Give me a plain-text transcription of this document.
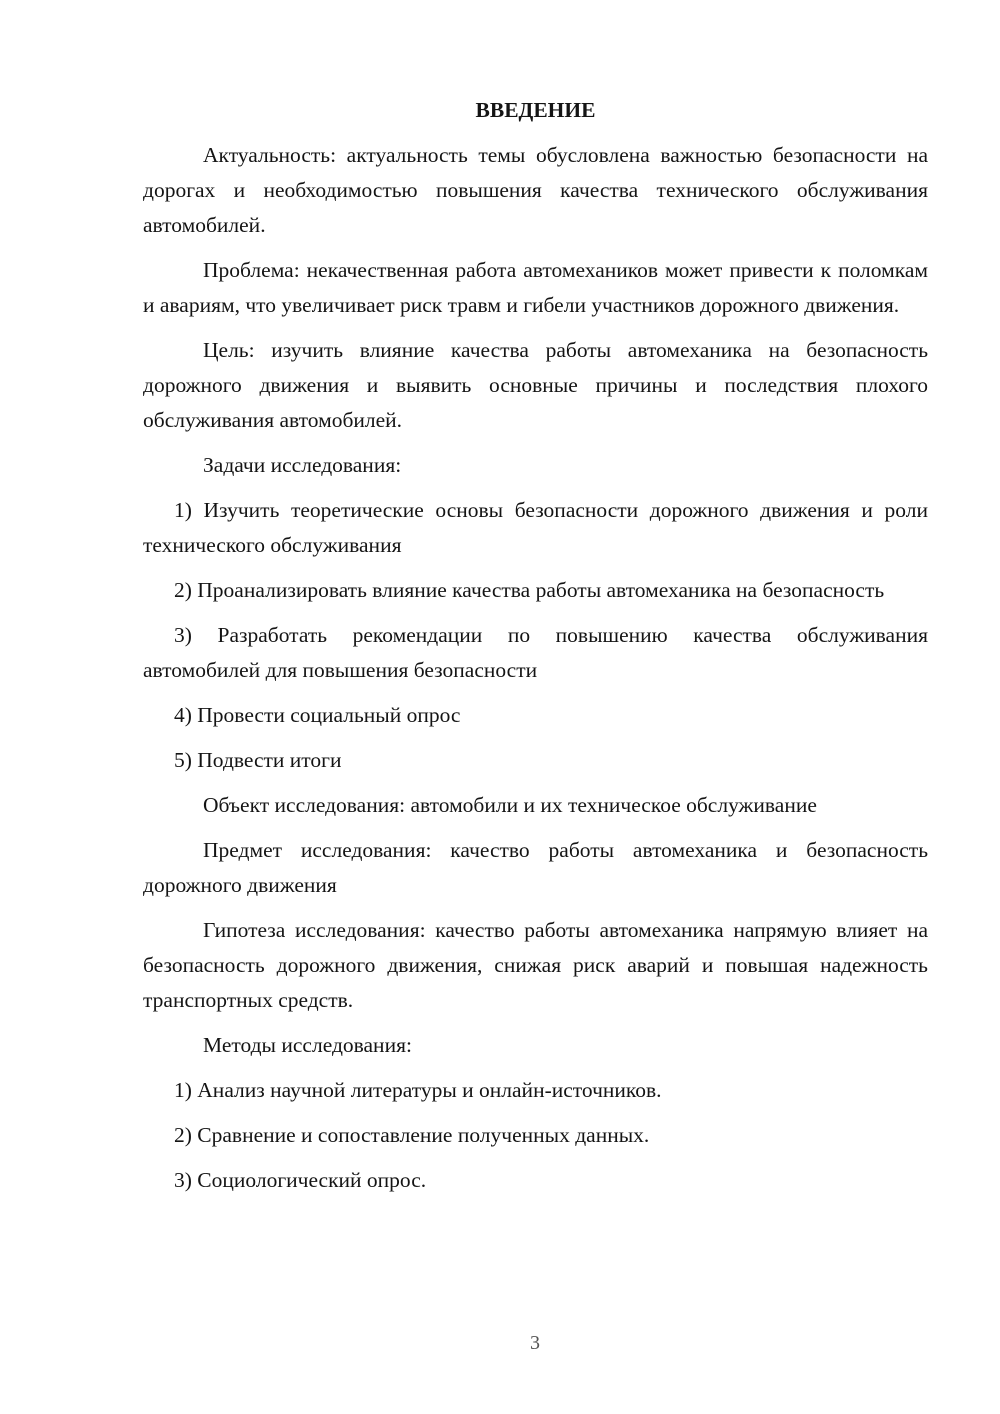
ВВЕДЕНИЕ

Актуальность: актуальность темы обусловлена важностью безопасности на дорогах и необходимостью повышения качества технического обслуживания автомобилей.

Проблема: некачественная работа автомехаников может привести к поломкам и авариям, что увеличивает риск травм и гибели участников дорожного движения.

Цель: изучить влияние качества работы автомеханика на безопасность дорожного движения и выявить основные причины и последствия плохого обслуживания автомобилей.

Задачи исследования:

1) Изучить теоретические основы безопасности дорожного движения и роли технического обслуживания

2) Проанализировать влияние качества работы автомеханика на безопасность

3) Разработать рекомендации по повышению качества обслуживания автомобилей для повышения безопасности

4) Провести социальный опрос

5) Подвести итоги

Объект исследования: автомобили и их техническое обслуживание

Предмет исследования: качество работы автомеханика и безопасность дорожного движения

Гипотеза исследования: качество работы автомеханика напрямую влияет на безопасность дорожного движения, снижая риск аварий и повышая надежность транспортных средств.

Методы исследования:

1) Анализ научной литературы и онлайн-источников.

2) Сравнение и сопоставление полученных данных.

3) Социологический опрос.

3
